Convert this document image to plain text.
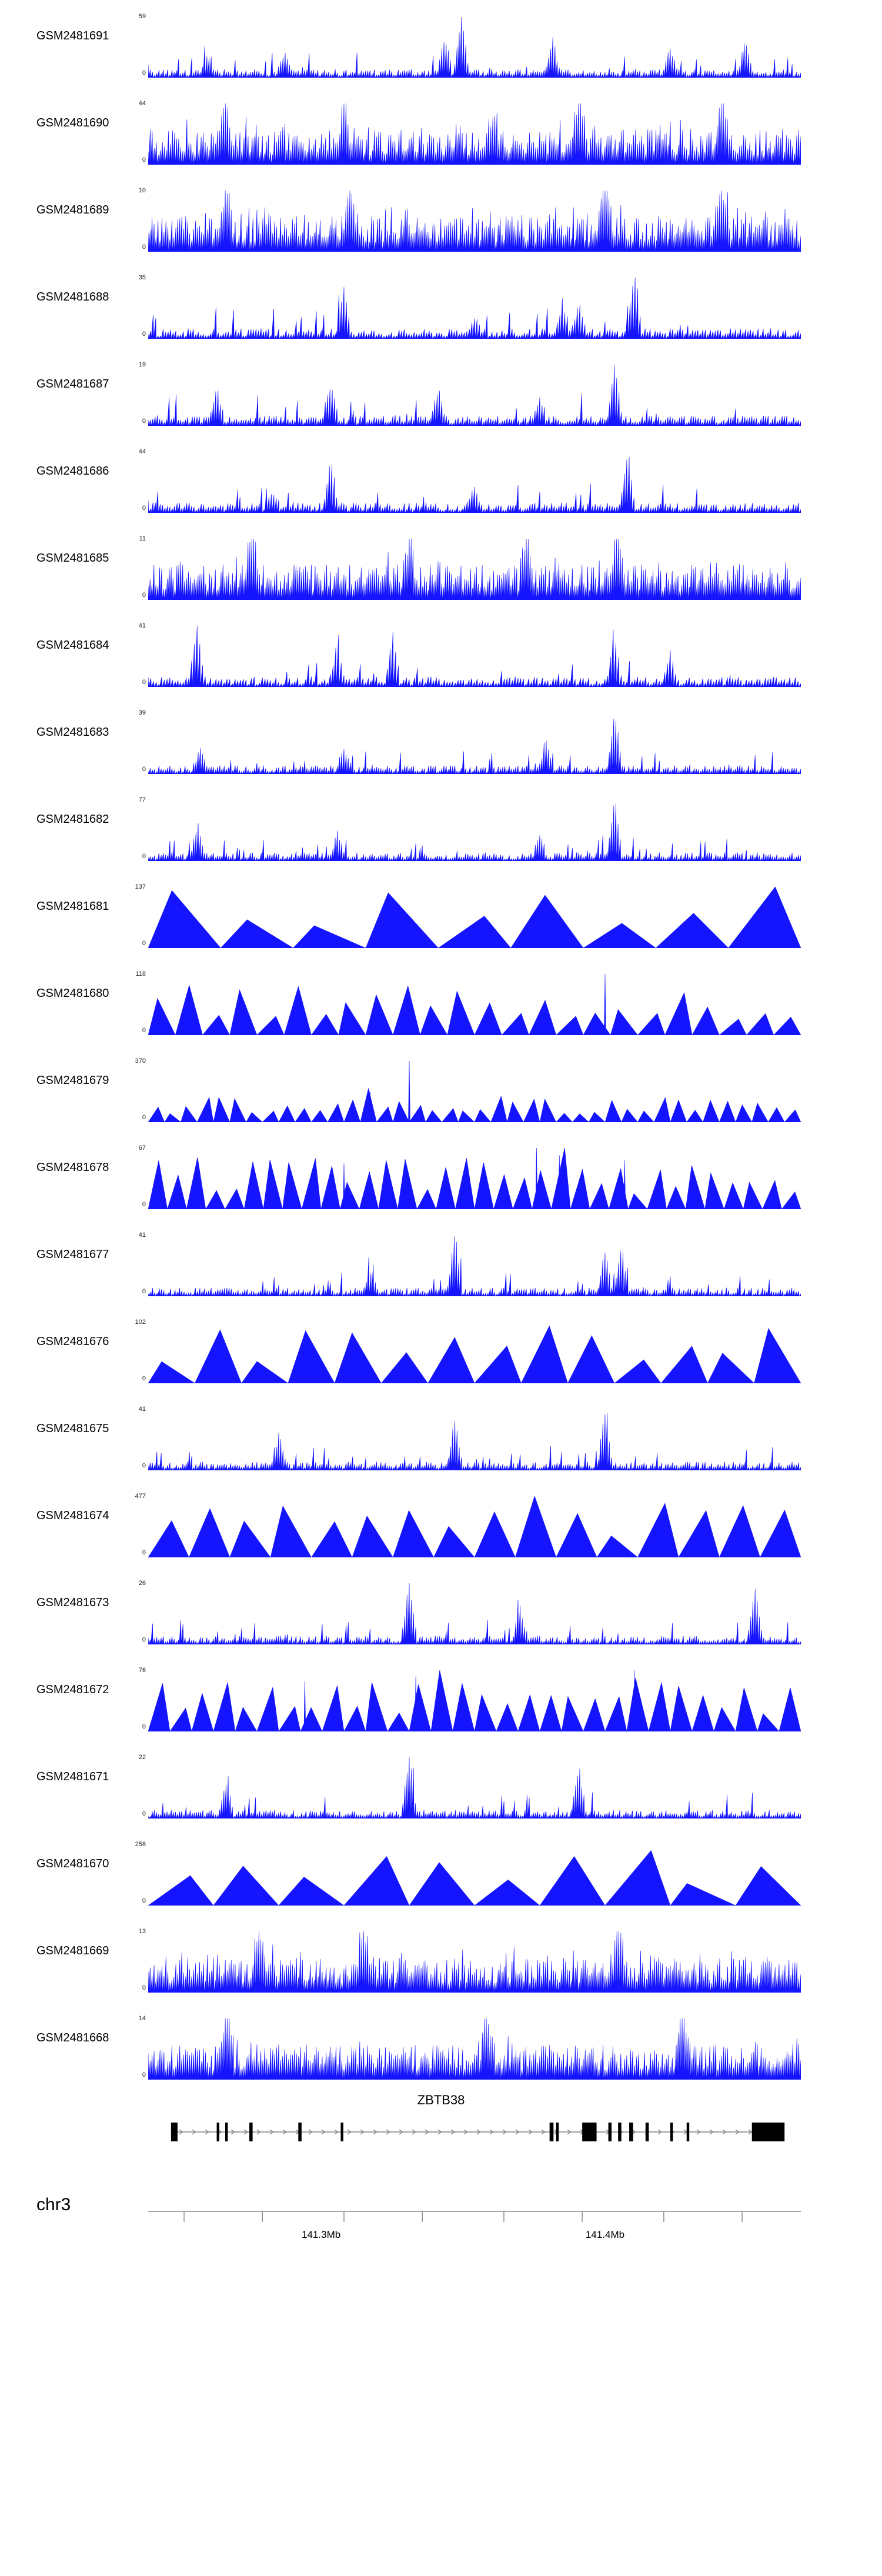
GSM2481691
59
0
GSM2481690
44
0
GSM2481689
10
0
GSM2481688
35
0
GSM2481687
19
0
GSM2481686
44
0
GSM2481685
11
0
GSM2481684
41
0
GSM2481683
39
0
GSM2481682
77
0
GSM2481681
137
0
GSM2481680
118
0
GSM2481679
370
0
GSM2481678
67
0
GSM2481677
41
0
GSM2481676
102
0
GSM2481675
41
0
GSM2481674
477
0
GSM2481673
26
0
GSM2481672
76
0
GSM2481671
22
0
GSM2481670
258
0
GSM2481669
13
0
GSM2481668
14
0
ZBTB38
chr3
141.3Mb	141.4Mb
